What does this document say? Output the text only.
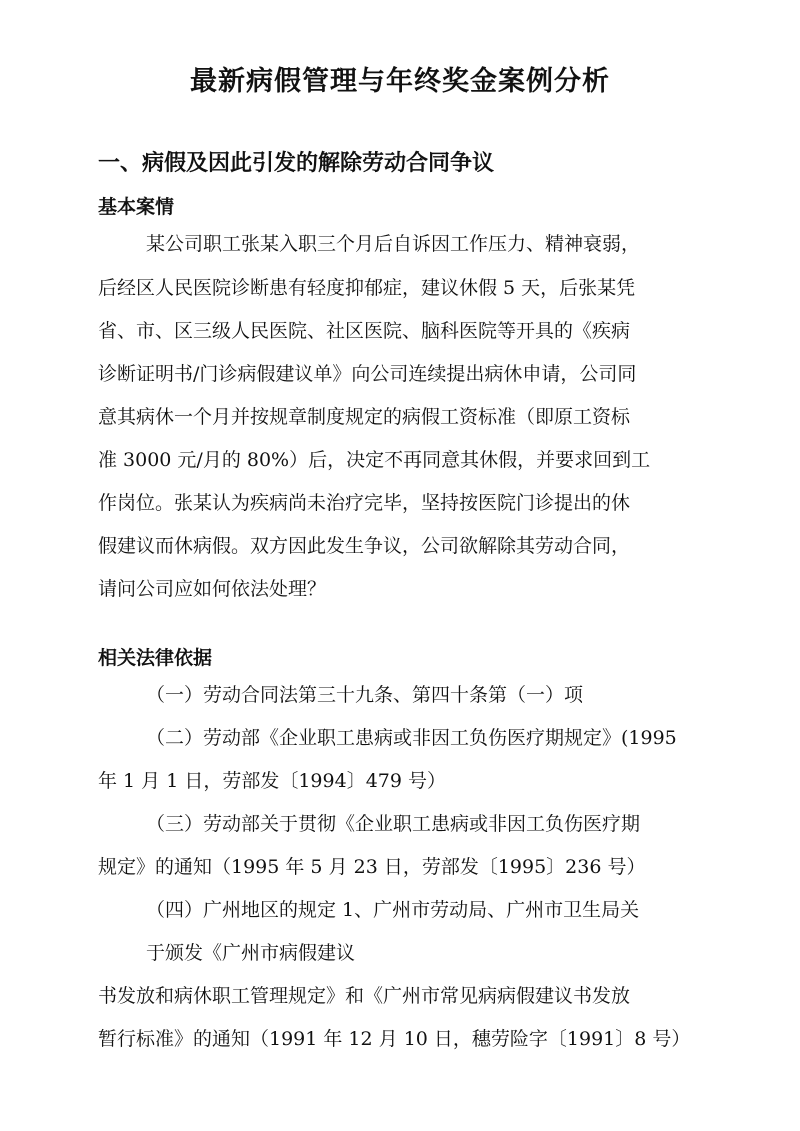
最新病假管理与年终奖金案例分析
一、病假及因此引发的解除劳动合同争议
基本案情
某公司职工张某入职三个月后自诉因工作压力、精神衰弱，
后经区人民医院诊断患有轻度抑郁症，建议休假 5 天，后张某凭
省、市、区三级人民医院、社区医院、脑科医院等开具的《疾病
诊断证明书/门诊病假建议单》向公司连续提出病休申请，公司同
意其病休一个月并按规章制度规定的病假工资标准（即原工资标
准 3000 元/月的 80%）后，决定不再同意其休假，并要求回到工
作岗位。张某认为疾病尚未治疗完毕，坚持按医院门诊提出的休
假建议而休病假。双方因此发生争议，公司欲解除其劳动合同，
请问公司应如何依法处理？
相关法律依据
（一）劳动合同法第三十九条、第四十条第（一）项
（二）劳动部《企业职工患病或非因工负伤医疗期规定》(1995
年 1 月 1 日，劳部发〔1994〕479 号）
（三）劳动部关于贯彻《企业职工患病或非因工负伤医疗期
规定》的通知（1995 年 5 月 23 日，劳部发〔1995〕236 号）
（四）广州地区的规定 1、广州市劳动局、广州市卫生局关
于颁发《广州市病假建议
书发放和病休职工管理规定》和《广州市常见病病假建议书发放
暂行标准》的通知（1991 年 12 月 10 日，穗劳险字〔1991〕8 号）
